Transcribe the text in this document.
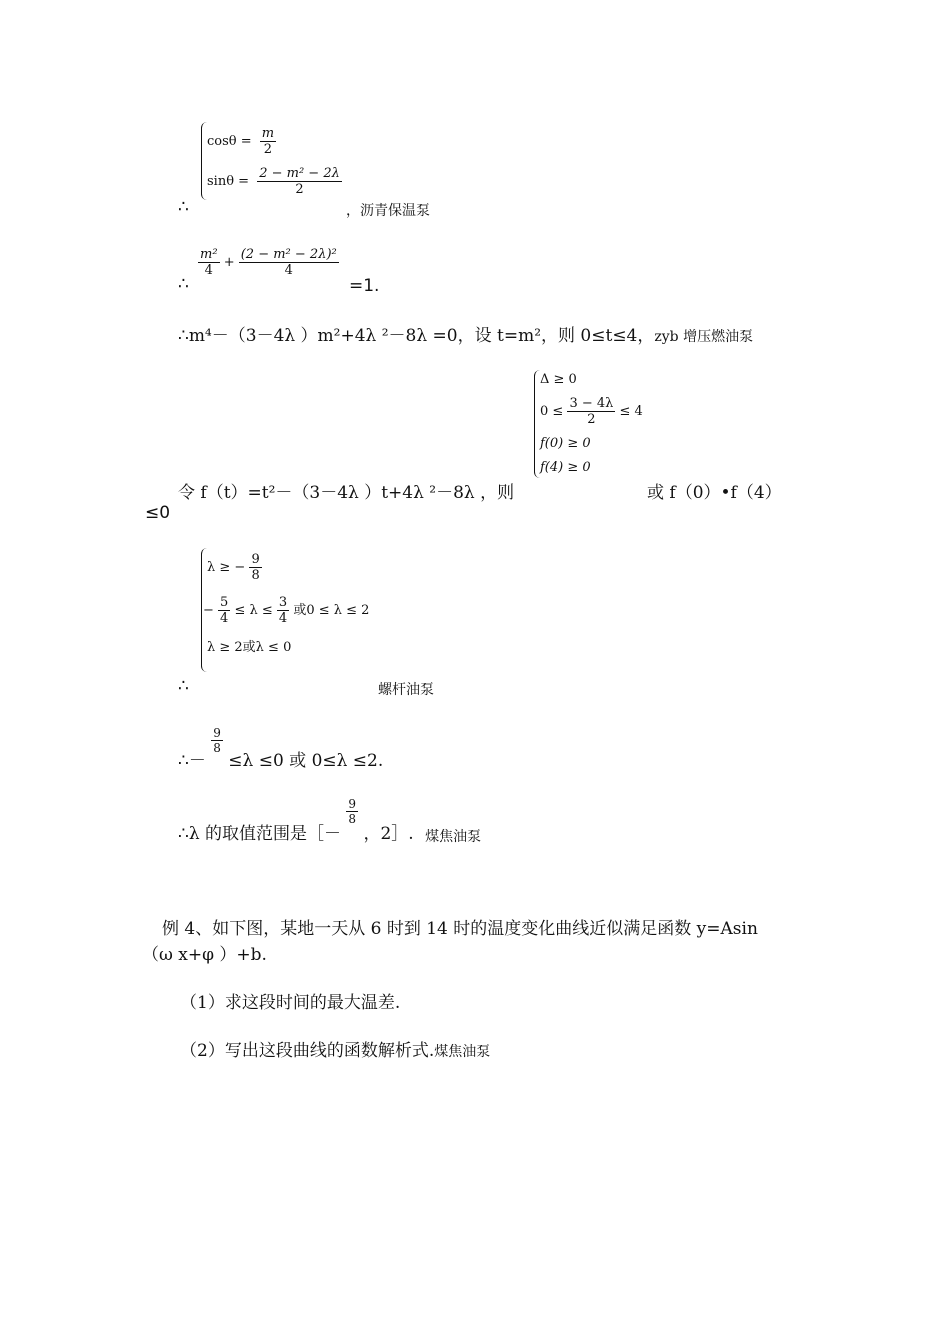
$\cos\theta = \frac{m}{2}$
$\sin\theta = \frac{\text{2 − m² − 2λ}}{2}$
∴	，沥青保温泵
∴
$\frac{\text{m²}}{4} + \frac{\text{(2 − m² − 2λ)²}}{4}$
=1.
∴m⁴－（3－4λ ）m²+4λ ²－8λ =0，设 t=m²，则 0≤t≤4，zyb 增压燃油泵
Δ ≥ 0
$0 \le \frac{3 - 4\lambda}{2} \le 4$
f(0) ≥ 0
f(4) ≥ 0
令 f（t）=t²－（3－4λ ）t+4λ ²－8λ ，则	或 f（0）•f（4）
≤0
λ ≥ − $\frac{9}{8}$
− $\frac{5}{4} \le \lambda \le \frac{3}{4}$ 或0 ≤ λ ≤ 2
λ ≥ 2或λ ≤ 0
∴	螺杆油泵
∴－
$\frac{9}{8}$
≤λ ≤0 或 0≤λ ≤2.
∴λ 的取值范围是［－
$\frac{9}{8}$
，2］. $_{煤焦油泵}$
例 4、如下图，某地一天从 6 时到 14 时的温度变化曲线近似满足函数 y=Asin
（ω x+φ ）+b.
（1）求这段时间的最大温差.
（2）写出这段曲线的函数解析式.煤焦油泵
